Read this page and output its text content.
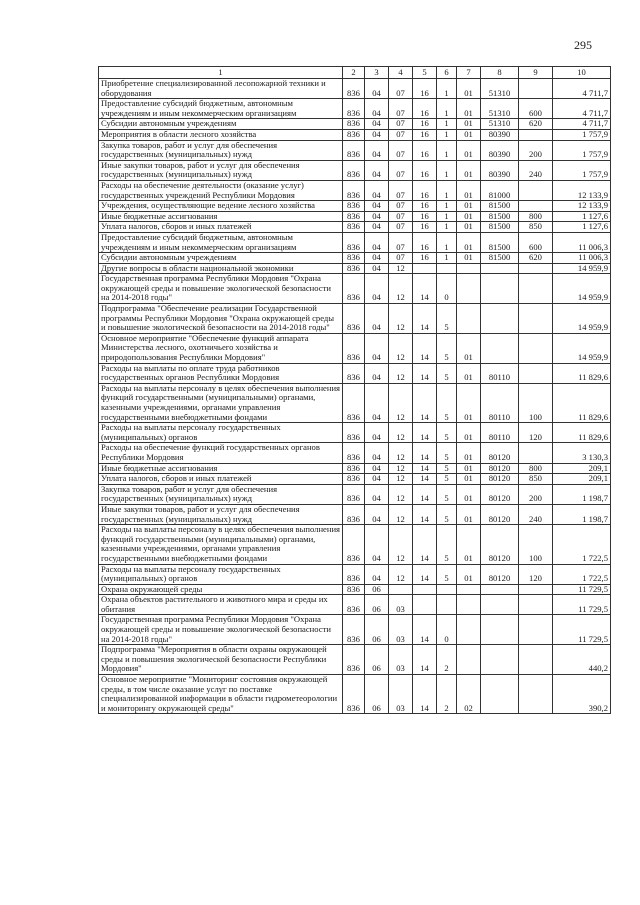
295
1	2	3	4	5	6	7	8	9	10
Приобретение специализированной лесопожарной техники и оборудования	836	04	07	16	1	01	51310		4 711,7
Предоставление субсидий бюджетным, автономным учреждениям и иным некоммерческим организациям	836	04	07	16	1	01	51310	600	4 711,7
Субсидии автономным учреждениям	836	04	07	16	1	01	51310	620	4 711,7
Мероприятия в области лесного хозяйства	836	04	07	16	1	01	80390		1 757,9
Закупка товаров, работ и услуг для обеспечения государственных (муниципальных) нужд	836	04	07	16	1	01	80390	200	1 757,9
Иные закупки товаров, работ и услуг для обеспечения государственных (муниципальных) нужд	836	04	07	16	1	01	80390	240	1 757,9
Расходы на обеспечение деятельности (оказание услуг) государственных учреждений Республики Мордовия	836	04	07	16	1	01	81000		12 133,9
Учреждения, осуществляющие ведение лесного хозяйства	836	04	07	16	1	01	81500		12 133,9
Иные бюджетные ассигнования	836	04	07	16	1	01	81500	800	1 127,6
Уплата налогов, сборов и иных платежей	836	04	07	16	1	01	81500	850	1 127,6
Предоставление субсидий бюджетным, автономным учреждениям и иным некоммерческим организациям	836	04	07	16	1	01	81500	600	11 006,3
Субсидии автономным учреждениям	836	04	07	16	1	01	81500	620	11 006,3
Другие вопросы в области национальной экономики	836	04	12						14 959,9
Государственная программа Республики Мордовия "Охрана окружающей среды и повышение экологической безопасности на 2014-2018 годы"	836	04	12	14	0				14 959,9
Подпрограмма "Обеспечение реализации Государственной программы Республики Мордовия "Охрана окружающей среды и повышение экологической безопасности на 2014-2018 годы"	836	04	12	14	5				14 959,9
Основное мероприятие "Обеспечение функций аппарата Министерства лесного, охотничьего хозяйства и природопользования Республики Мордовия"	836	04	12	14	5	01			14 959,9
Расходы на выплаты по оплате труда работников государственных органов Республики Мордовия	836	04	12	14	5	01	80110		11 829,6
Расходы на выплаты персоналу в целях обеспечения выполнения функций государственными (муниципальными) органами, казенными учреждениями, органами управления государственными внебюджетными фондами	836	04	12	14	5	01	80110	100	11 829,6
Расходы на выплаты персоналу государственных (муниципальных) органов	836	04	12	14	5	01	80110	120	11 829,6
Расходы на обеспечение функций государственных органов Республики Мордовия	836	04	12	14	5	01	80120		3 130,3
Иные бюджетные ассигнования	836	04	12	14	5	01	80120	800	209,1
Уплата налогов, сборов и иных платежей	836	04	12	14	5	01	80120	850	209,1
Закупка товаров, работ и услуг для обеспечения государственных (муниципальных) нужд	836	04	12	14	5	01	80120	200	1 198,7
Иные закупки товаров, работ и услуг для обеспечения государственных (муниципальных) нужд	836	04	12	14	5	01	80120	240	1 198,7
Расходы на выплаты персоналу в целях обеспечения выполнения функций государственными (муниципальными) органами, казенными учреждениями, органами управления государственными внебюджетными фондами	836	04	12	14	5	01	80120	100	1 722,5
Расходы на выплаты персоналу государственных (муниципальных) органов	836	04	12	14	5	01	80120	120	1 722,5
Охрана окружающей среды	836	06							11 729,5
Охрана объектов растительного и животного мира и среды их обитания	836	06	03						11 729,5
Государственная программа Республики Мордовия "Охрана окружающей среды и повышение экологической безопасности на 2014-2018 годы"	836	06	03	14	0				11 729,5
Подпрограмма "Мероприятия в области охраны окружающей среды и повышения экологической безопасности Республики Мордовия"	836	06	03	14	2				440,2
Основное мероприятие "Мониторинг состояния окружающей среды, в том числе оказание услуг по поставке специализированной информации в области гидрометеорологии и мониторингу окружающей среды"	836	06	03	14	2	02			390,2
